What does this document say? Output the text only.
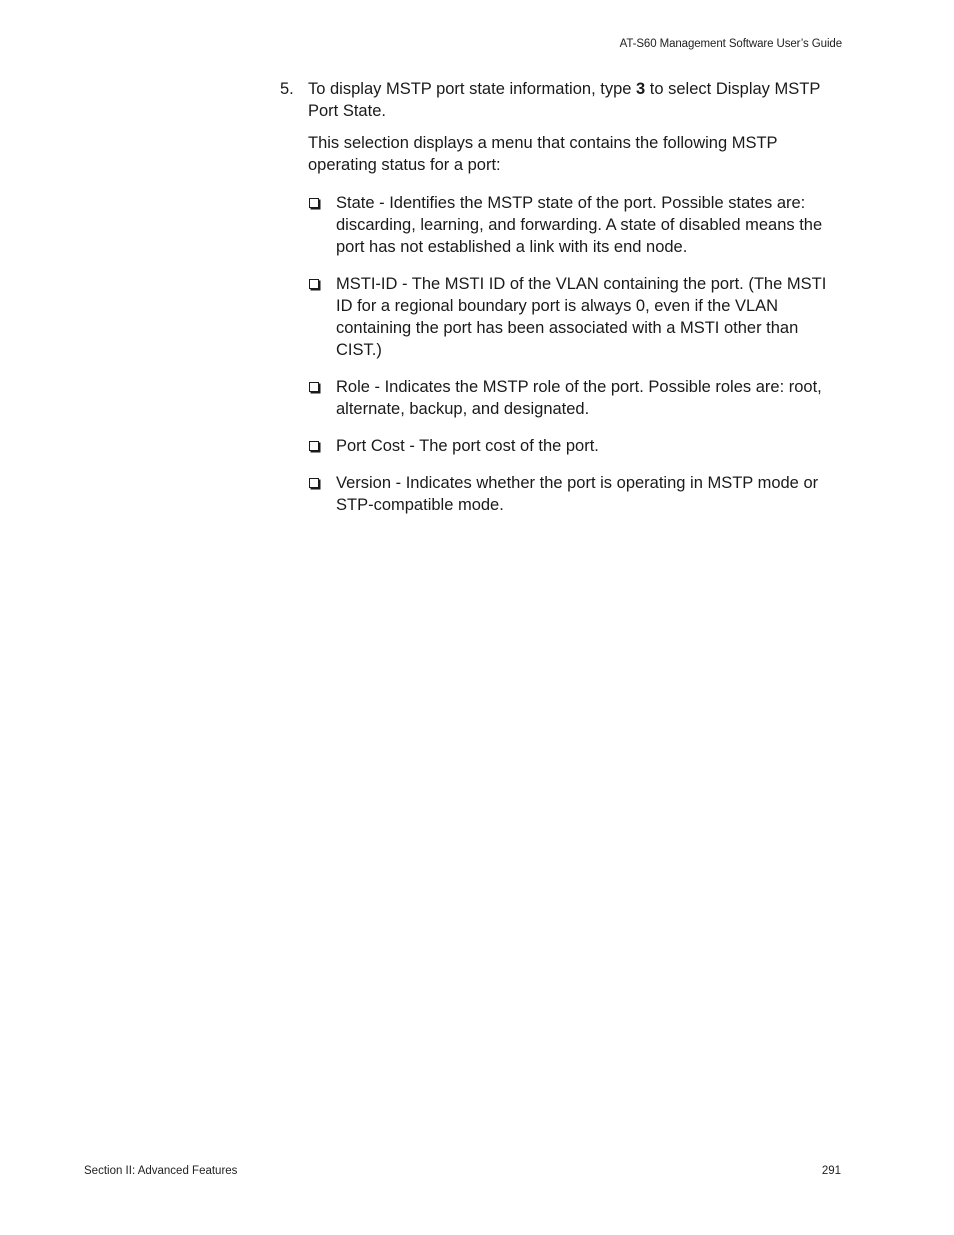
AT-S60 Management Software User’s Guide

5. To display MSTP port state information, type 3 to select Display MSTP Port State.

This selection displays a menu that contains the following MSTP operating status for a port:

State - Identifies the MSTP state of the port. Possible states are: discarding, learning, and forwarding. A state of disabled means the port has not established a link with its end node.
MSTI-ID - The MSTI ID of the VLAN containing the port. (The MSTI ID for a regional boundary port is always 0, even if the VLAN containing the port has been associated with a MSTI other than CIST.)
Role - Indicates the MSTP role of the port. Possible roles are: root, alternate, backup, and designated.
Port Cost - The port cost of the port.
Version - Indicates whether the port is operating in MSTP mode or STP-compatible mode.
Section II: Advanced Features	291
